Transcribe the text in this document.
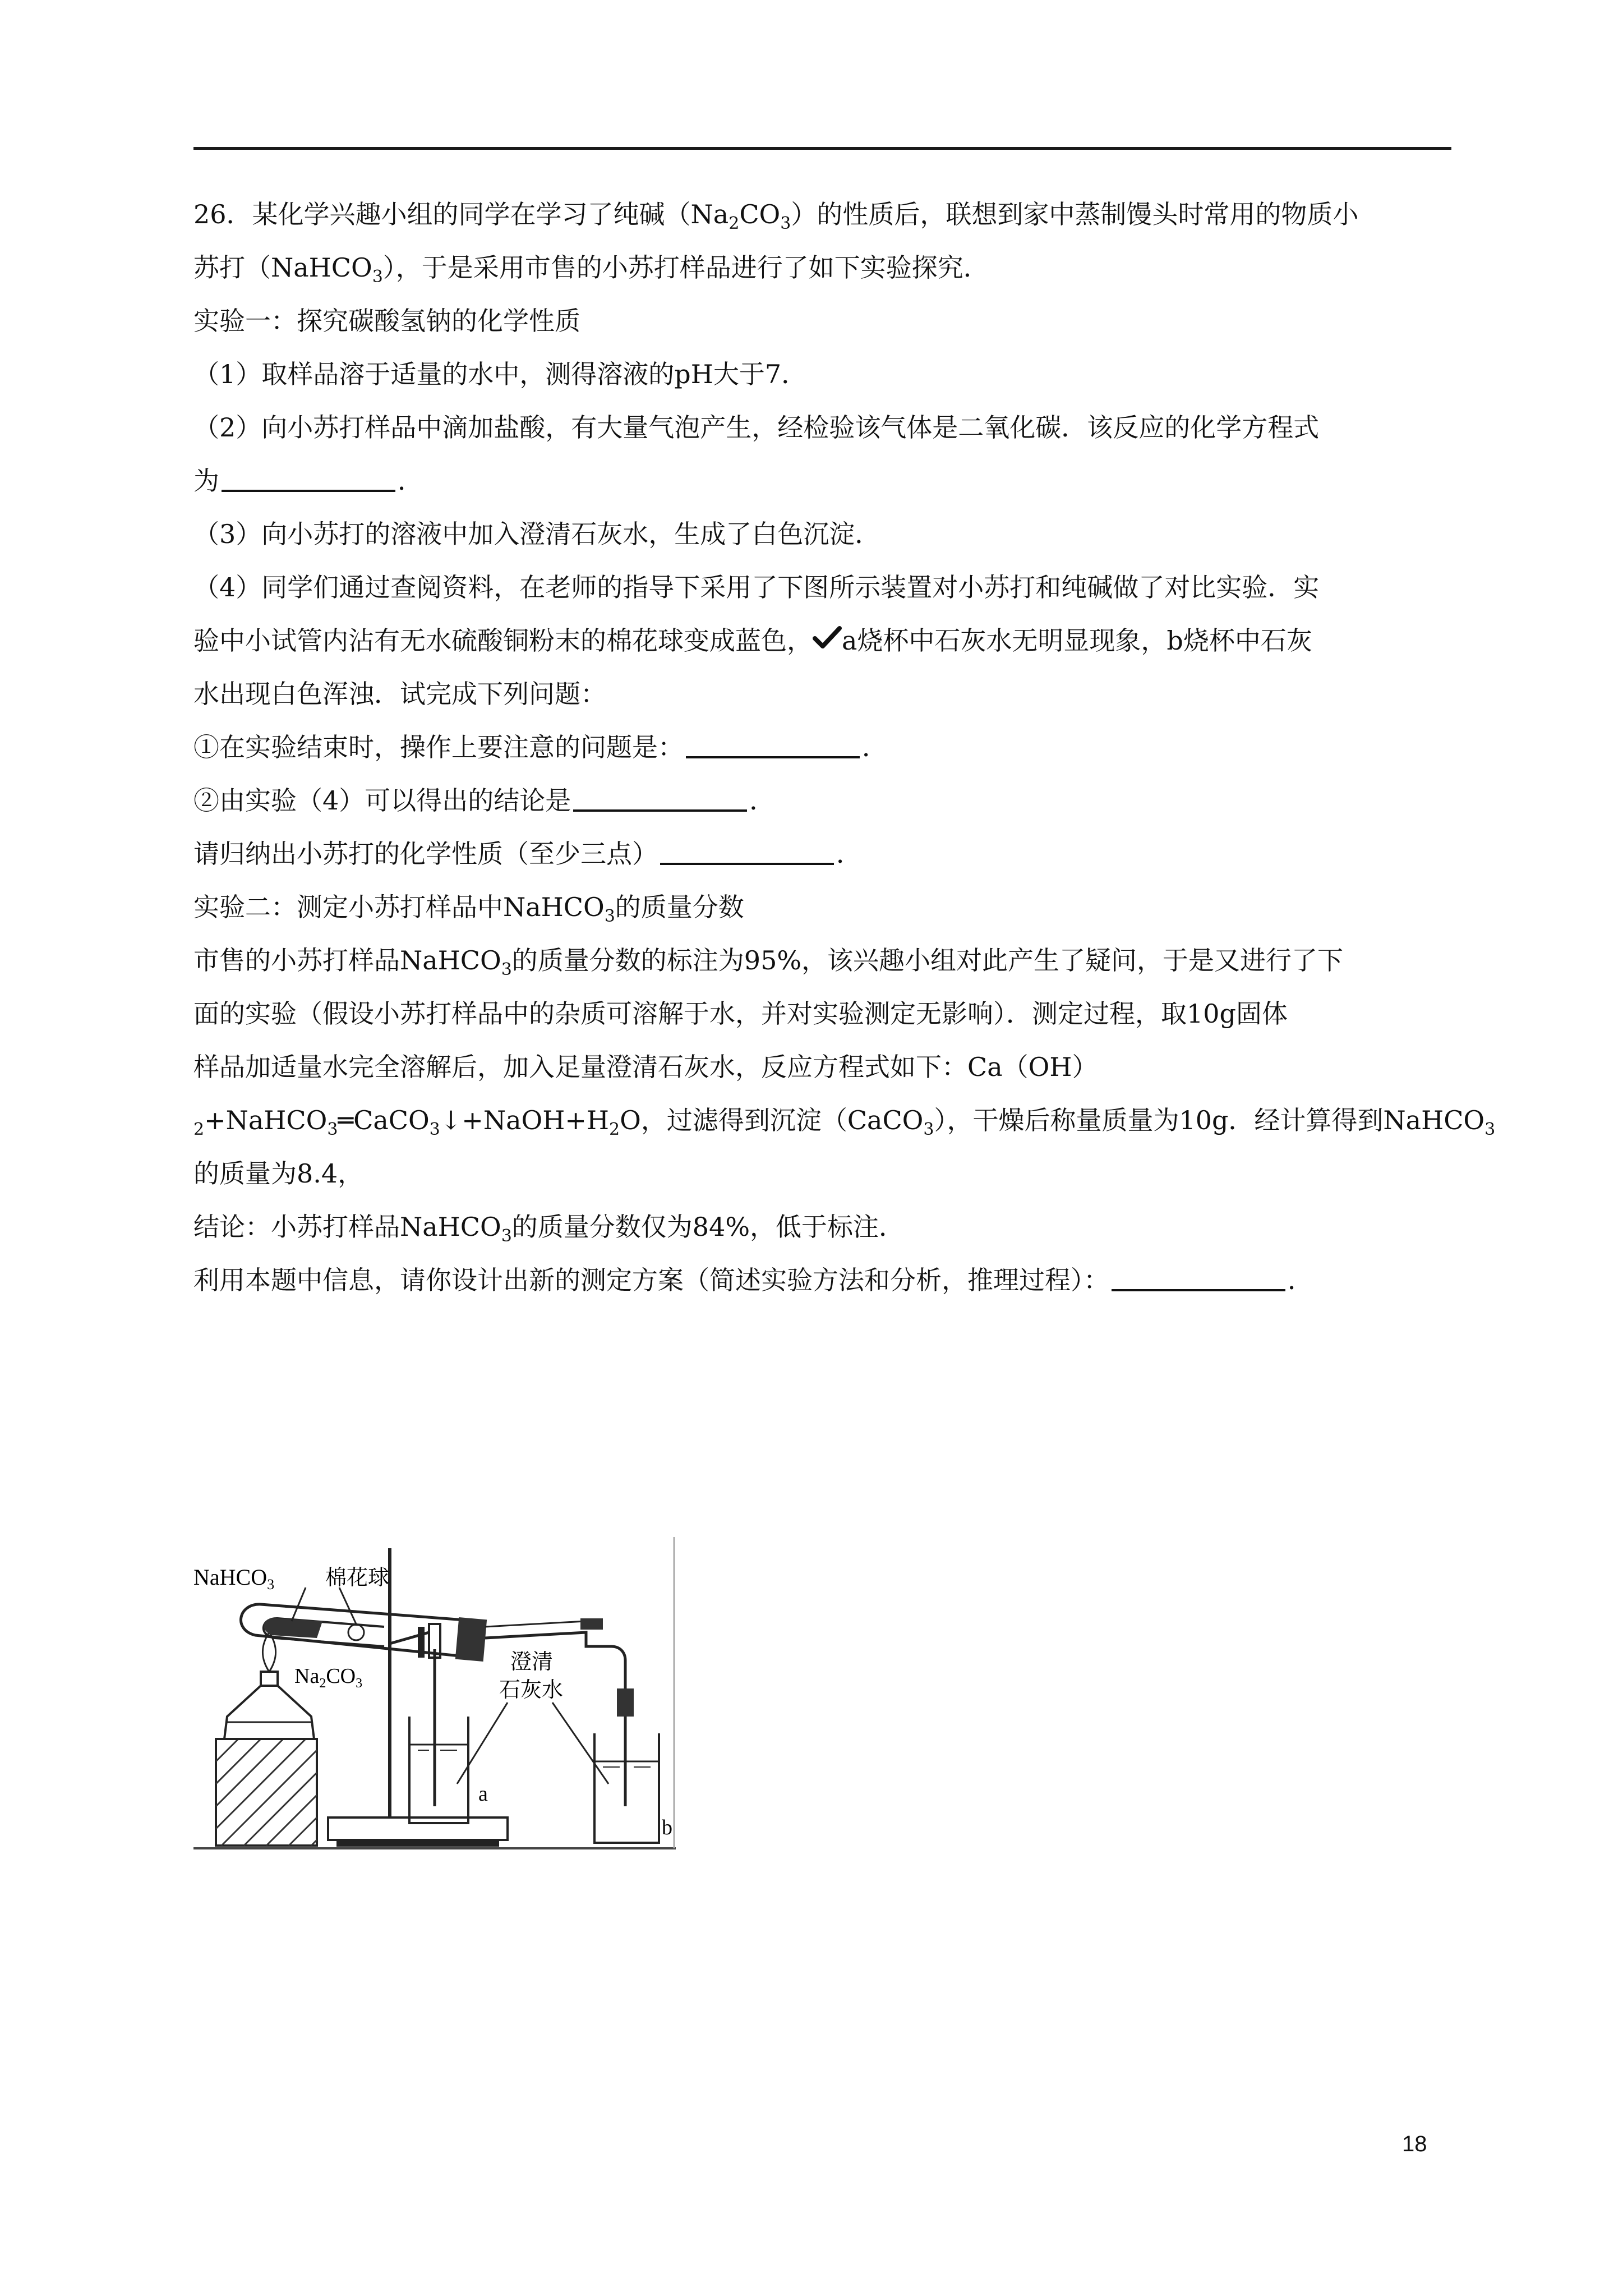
26．某化学兴趣小组的同学在学习了纯碱$(Na_2CO_3)$的性质后，联想到家中蒸制馒头时常用的物质小

苏打（NaHCO$_3$），于是采用市售的小苏打样品进行了如下实验探究．

实验一：探究碳酸氢钠的化学性质

（1）取样品溶于适量的水中，测得溶液的pH大于7．

（2）向小苏打样品中滴加盐酸，有大量气泡产生，经检验该气体是二氧化碳．该反应的化学方程式

为	．

（3）向小苏打的溶液中加入澄清石灰水，生成了白色沉淀．

（4）同学们通过查阅资料，在老师的指导下采用了下图所示装置对小苏打和纯碱做了对比实验．实

验中小试管内沾有无水硫酸铜粉末的棉花球变成蓝色， a烧杯中石灰水无明显现象，b烧杯中石灰

水出现白色浑浊．试完成下列问题：

①在实验结束时，操作上要注意的问题是：	．

②由实验（4）可以得出的结论是	．

请归纳出小苏打的化学性质（至少三点）	．

实验二：测定小苏打样品中NaHCO$_3$的质量分数

市售的小苏打样品NaHCO$_3$的质量分数的标注为95%，该兴趣小组对此产生了疑问，于是又进行了下

面的实验（假设小苏打样品中的杂质可溶解于水，并对实验测定无影响）．测定过程，取10g固体

样品加适量水完全溶解后，加入足量澄清石灰水，反应方程式如下：Ca（OH）

$_2+NaHCO_3═CaCO_3↓+NaOH+H_2O$，过滤得到沉淀（CaCO$_3$），干燥后称量质量为10g．经计算得到NaHCO$_3$

的质量为8.4，

结论：小苏打样品NaHCO$_3$的质量分数仅为84%，低于标注．

利用本题中信息，请你设计出新的测定方案（简述实验方法和分析，推理过程）：	．

NaHCO$_3$ 棉花球
$Na_2CO_3$
澄清
石灰水
a
b
18
